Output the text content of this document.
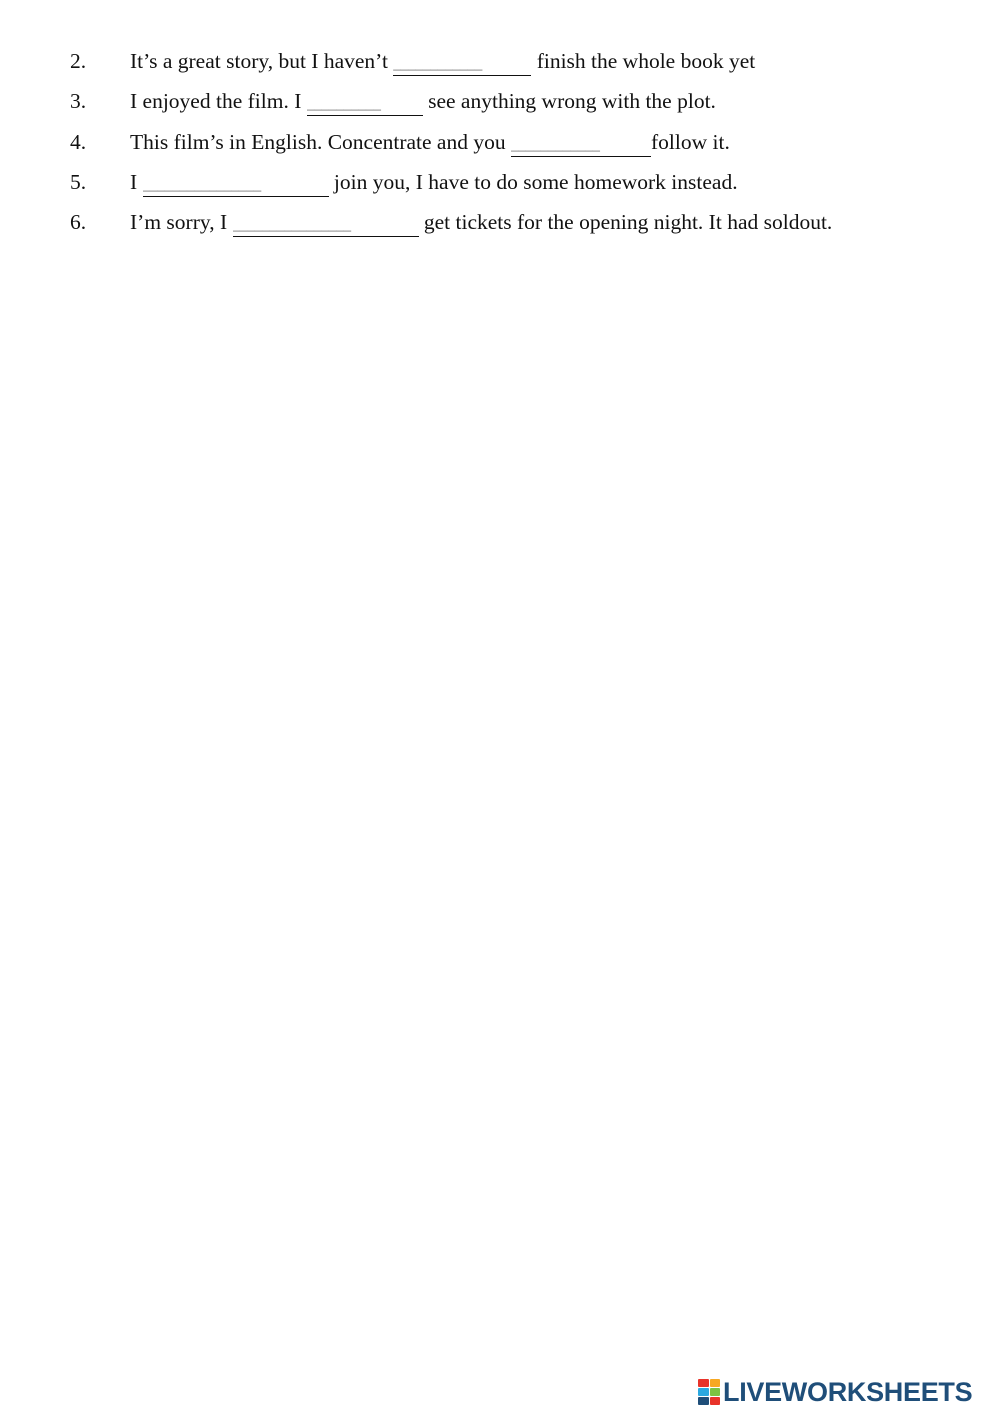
2. It’s a great story, but I haven’t ____________	finish the whole book yet
3. I enjoyed the film. I __________	see anything wrong with the plot.
4. This film’s in English. Concentrate and you ____________	follow it.
5. I ________________	join you, I have to do some homework instead.
6. I’m sorry, I ________________	get tickets for the opening night. It had soldout.
LIVEWORKSHEETS
